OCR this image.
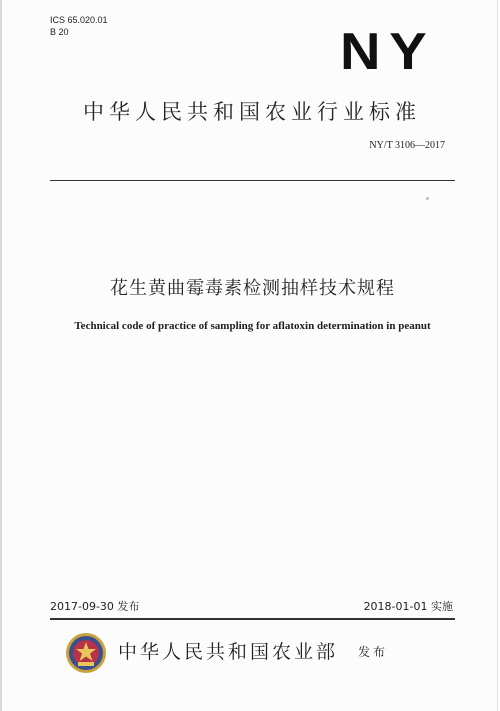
ICS 65.020.01
B 20	NY
中华人民共和国农业行业标准
NY/T 3106—2017
花生黄曲霉毒素检测抽样技术规程
Technical code of practice of sampling for aflatoxin determination in peanut
2017-09-30 发布	2018-01-01 实施
中华人民共和国农业部 发布
